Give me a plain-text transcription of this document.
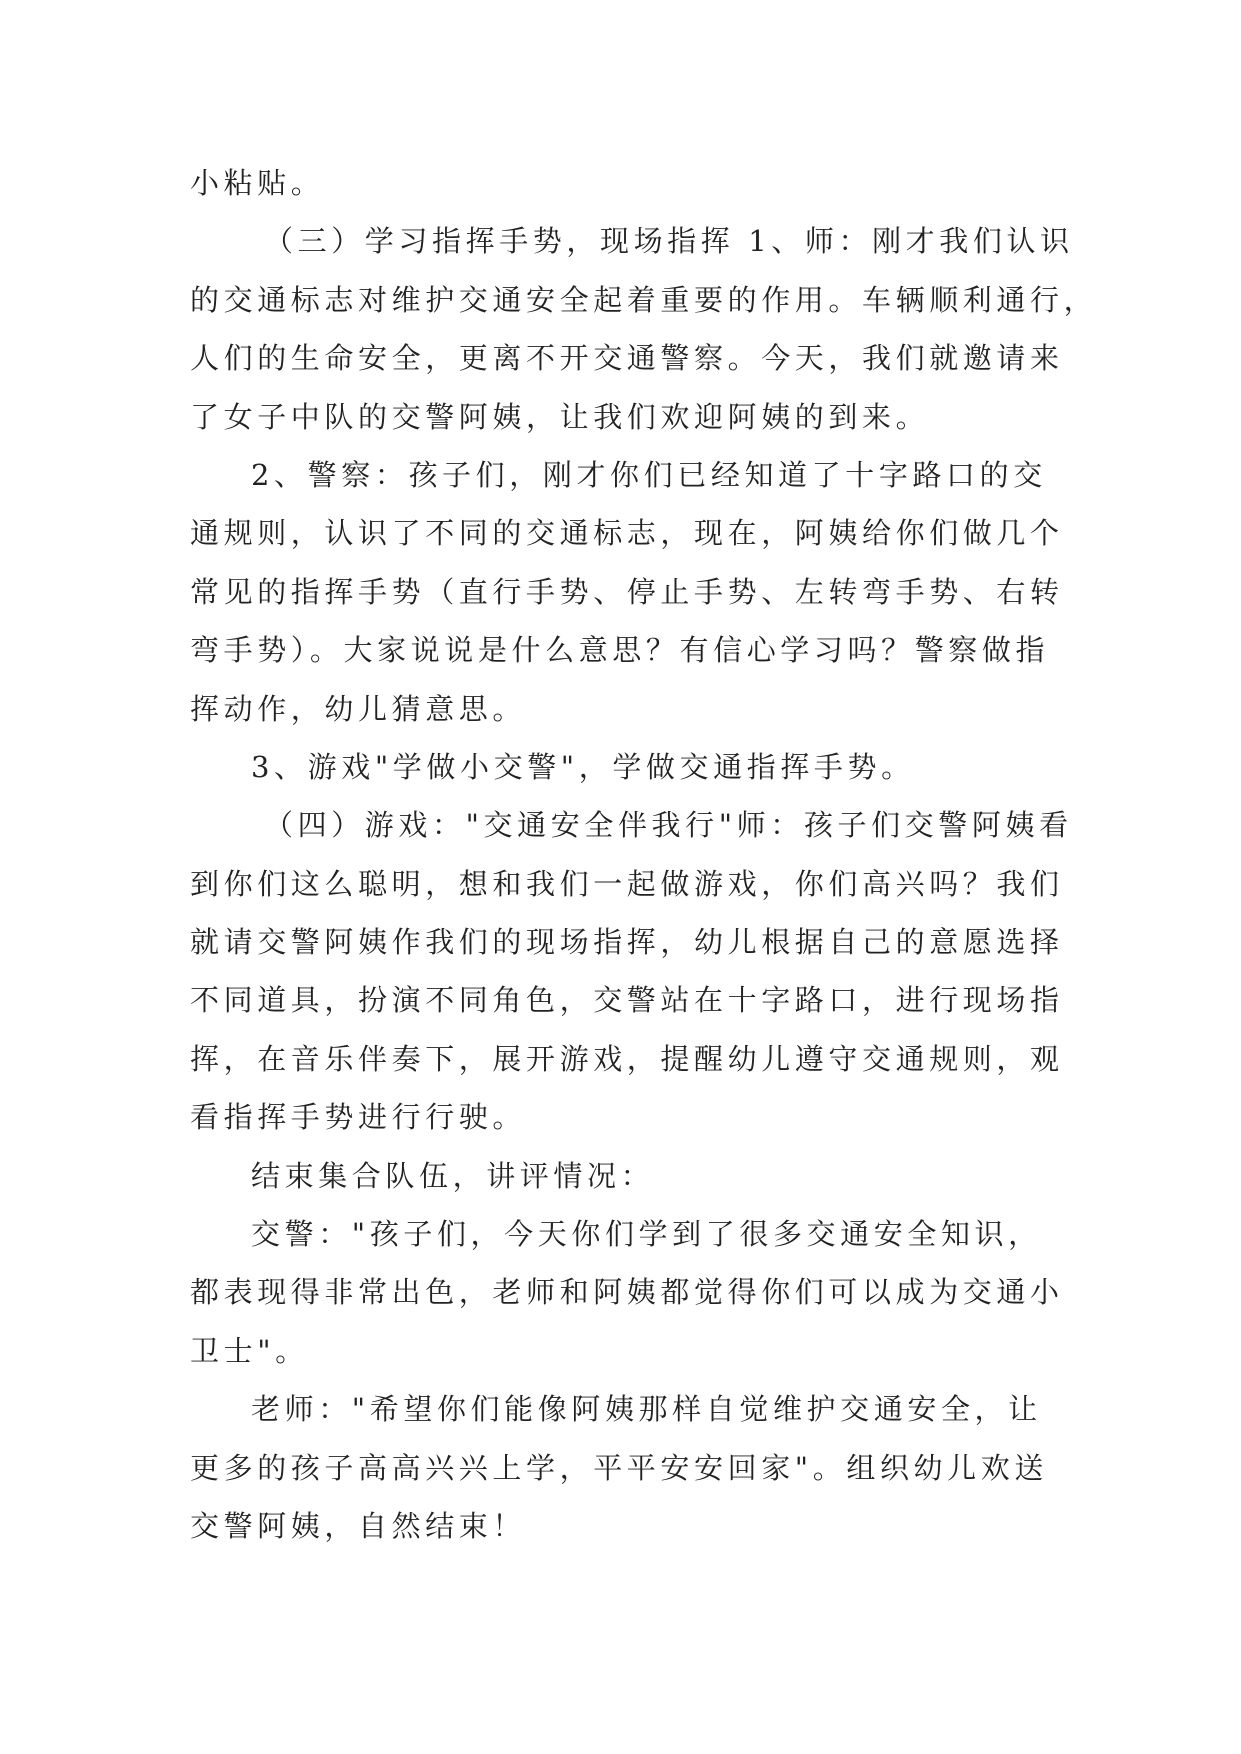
小粘贴。
（三）学习指挥手势，现场指挥 1、师：刚才我们认识
的交通标志对维护交通安全起着重要的作用。车辆顺利通行，
人们的生命安全，更离不开交通警察。今天，我们就邀请来
了女子中队的交警阿姨，让我们欢迎阿姨的到来。
2、警察：孩子们，刚才你们已经知道了十字路口的交
通规则，认识了不同的交通标志，现在，阿姨给你们做几个
常见的指挥手势（直行手势、停止手势、左转弯手势、右转
弯手势）。大家说说是什么意思？有信心学习吗？警察做指
挥动作，幼儿猜意思。
3、游戏"学做小交警"，学做交通指挥手势。
（四）游戏："交通安全伴我行"师：孩子们交警阿姨看
到你们这么聪明，想和我们一起做游戏，你们高兴吗？我们
就请交警阿姨作我们的现场指挥，幼儿根据自己的意愿选择
不同道具，扮演不同角色，交警站在十字路口，进行现场指
挥，在音乐伴奏下，展开游戏，提醒幼儿遵守交通规则，观
看指挥手势进行行驶。
结束集合队伍，讲评情况：
交警："孩子们，今天你们学到了很多交通安全知识，
都表现得非常出色，老师和阿姨都觉得你们可以成为交通小
卫士"。
老师："希望你们能像阿姨那样自觉维护交通安全，让
更多的孩子高高兴兴上学，平平安安回家"。组织幼儿欢送
交警阿姨，自然结束！
